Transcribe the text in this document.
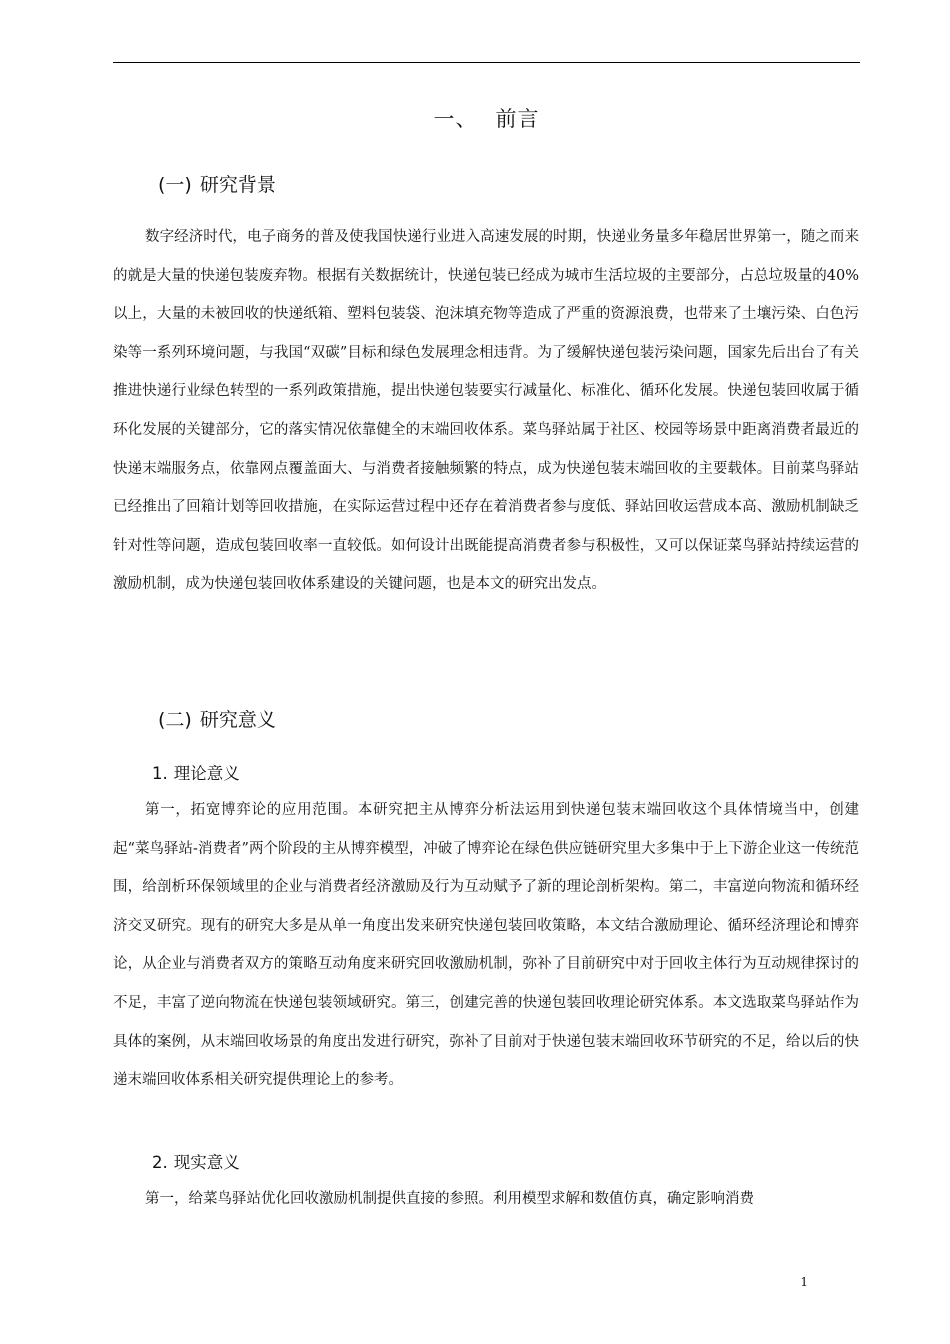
一、 前言
(一) 研究背景

数字经济时代，电子商务的普及使我国快递行业进入高速发展的时期，快递业务量多年稳居世界第一，随之而来的就是大量的快递包装废弃物。根据有关数据统计，快递包装已经成为城市生活垃圾的主要部分，占总垃圾量的40%以上，大量的未被回收的快递纸箱、塑料包装袋、泡沫填充物等造成了严重的资源浪费，也带来了土壤污染、白色污染等一系列环境问题，与我国“双碳”目标和绿色发展理念相违背。为了缓解快递包装污染问题，国家先后出台了有关推进快递行业绿色转型的一系列政策措施，提出快递包装要实行减量化、标准化、循环化发展。快递包装回收属于循环化发展的关键部分，它的落实情况依靠健全的末端回收体系。菜鸟驿站属于社区、校园等场景中距离消费者最近的快递末端服务点，依靠网点覆盖面大、与消费者接触频繁的特点，成为快递包装末端回收的主要载体。目前菜鸟驿站已经推出了回箱计划等回收措施，在实际运营过程中还存在着消费者参与度低、驿站回收运营成本高、激励机制缺乏针对性等问题，造成包装回收率一直较低。如何设计出既能提高消费者参与积极性，又可以保证菜鸟驿站持续运营的激励机制，成为快递包装回收体系建设的关键问题，也是本文的研究出发点。

(二) 研究意义
1. 理论意义

第一，拓宽博弈论的应用范围。本研究把主从博弈分析法运用到快递包装末端回收这个具体情境当中，创建起“菜鸟驿站-消费者”两个阶段的主从博弈模型，冲破了博弈论在绿色供应链研究里大多集中于上下游企业这一传统范围，给剖析环保领域里的企业与消费者经济激励及行为互动赋予了新的理论剖析架构。第二，丰富逆向物流和循环经济交叉研究。现有的研究大多是从单一角度出发来研究快递包装回收策略，本文结合激励理论、循环经济理论和博弈论，从企业与消费者双方的策略互动角度来研究回收激励机制，弥补了目前研究中对于回收主体行为互动规律探讨的不足，丰富了逆向物流在快递包装领域研究。第三，创建完善的快递包装回收理论研究体系。本文选取菜鸟驿站作为具体的案例，从末端回收场景的角度出发进行研究，弥补了目前对于快递包装末端回收环节研究的不足，给以后的快递末端回收体系相关研究提供理论上的参考。

2. 现实意义

第一，给菜鸟驿站优化回收激励机制提供直接的参照。利用模型求解和数值仿真，确定影响消费

1
